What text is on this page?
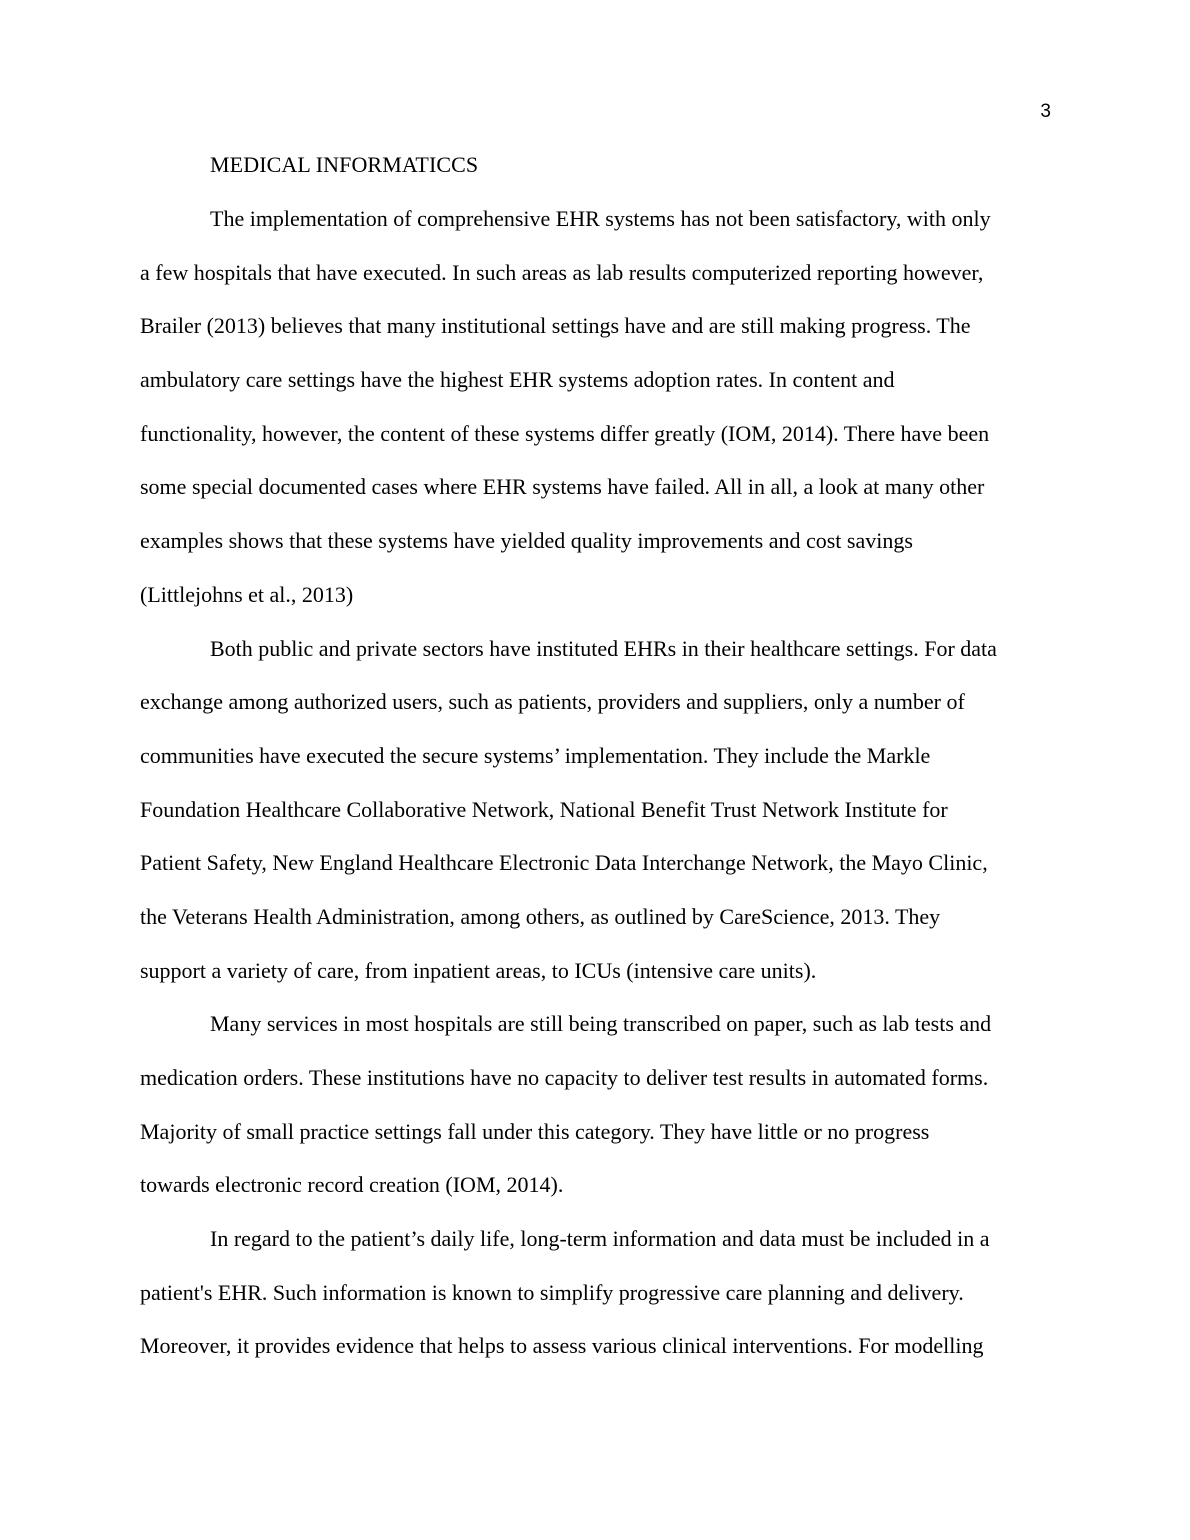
3
MEDICAL INFORMATICCS
The implementation of comprehensive EHR systems has not been satisfactory, with only
a few hospitals that have executed. In such areas as lab results computerized reporting however,
Brailer (2013) believes that many institutional settings have and are still making progress. The
ambulatory care settings have the highest EHR systems adoption rates. In content and
functionality, however, the content of these systems differ greatly (IOM, 2014). There have been
some special documented cases where EHR systems have failed. All in all, a look at many other
examples shows that these systems have yielded quality improvements and cost savings
(Littlejohns et al., 2013)
Both public and private sectors have instituted EHRs in their healthcare settings. For data
exchange among authorized users, such as patients, providers and suppliers, only a number of
communities have executed the secure systems’ implementation. They include the Markle
Foundation Healthcare Collaborative Network, National Benefit Trust Network Institute for
Patient Safety, New England Healthcare Electronic Data Interchange Network, the Mayo Clinic,
the Veterans Health Administration, among others, as outlined by CareScience, 2013. They
support a variety of care, from inpatient areas, to ICUs (intensive care units).
Many services in most hospitals are still being transcribed on paper, such as lab tests and
medication orders. These institutions have no capacity to deliver test results in automated forms.
Majority of small practice settings fall under this category. They have little or no progress
towards electronic record creation (IOM, 2014).
In regard to the patient’s daily life, long-term information and data must be included in a
patient's EHR. Such information is known to simplify progressive care planning and delivery.
Moreover, it provides evidence that helps to assess various clinical interventions. For modelling
